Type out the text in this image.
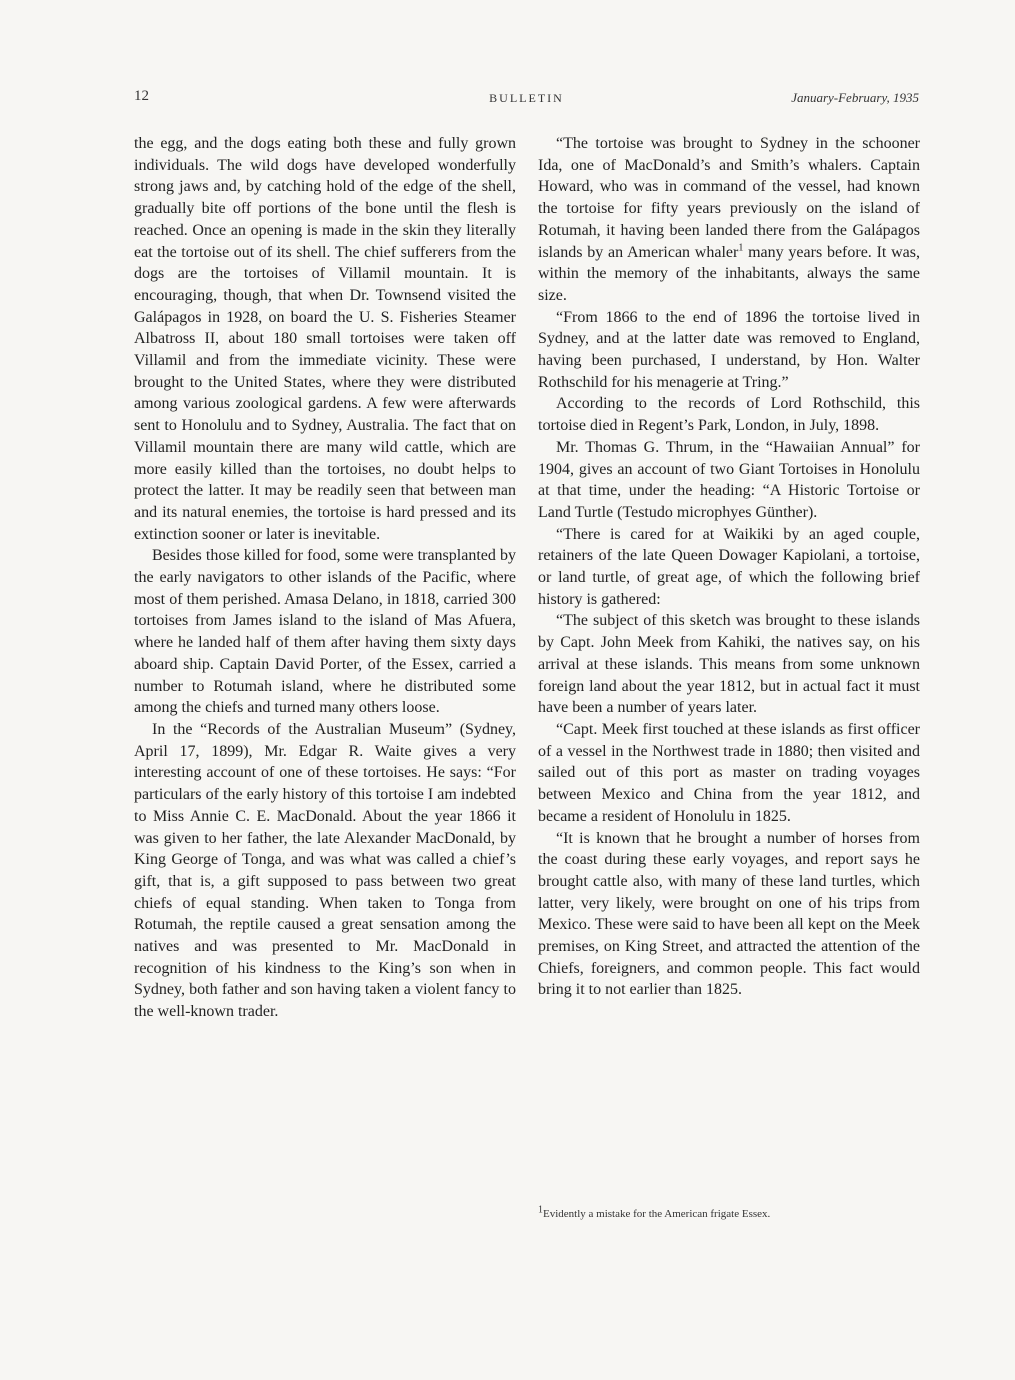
12	BULLETIN	January-February, 1935

the egg, and the dogs eating both these and fully grown individuals. The wild dogs have developed wonderfully strong jaws and, by catching hold of the edge of the shell, gradually bite off portions of the bone until the flesh is reached. Once an opening is made in the skin they literally eat the tortoise out of its shell. The chief sufferers from the dogs are the tortoises of Villamil mountain. It is encouraging, though, that when Dr. Townsend visited the Galápagos in 1928, on board the U. S. Fisheries Steamer Albatross II, about 180 small tortoises were taken off Villamil and from the immediate vicinity. These were brought to the United States, where they were distributed among various zoological gardens. A few were afterwards sent to Honolulu and to Sydney, Australia. The fact that on Villamil mountain there are many wild cattle, which are more easily killed than the tortoises, no doubt helps to protect the latter. It may be readily seen that between man and its natural enemies, the tortoise is hard pressed and its extinction sooner or later is inevitable.

Besides those killed for food, some were transplanted by the early navigators to other islands of the Pacific, where most of them perished. Amasa Delano, in 1818, carried 300 tortoises from James island to the island of Mas Afuera, where he landed half of them after having them sixty days aboard ship. Captain David Porter, of the Essex, carried a number to Rotumah island, where he distributed some among the chiefs and turned many others loose.

In the “Records of the Australian Museum” (Sydney, April 17, 1899), Mr. Edgar R. Waite gives a very interesting account of one of these tortoises. He says: “For particulars of the early history of this tortoise I am indebted to Miss Annie C. E. MacDonald. About the year 1866 it was given to her father, the late Alexander MacDonald, by King George of Tonga, and was what was called a chief’s gift, that is, a gift supposed to pass between two great chiefs of equal standing. When taken to Tonga from Rotumah, the reptile caused a great sensation among the natives and was presented to Mr. MacDonald in recognition of his kindness to the King’s son when in Sydney, both father and son having taken a violent fancy to the well-known trader.

“The tortoise was brought to Sydney in the schooner Ida, one of MacDonald’s and Smith’s whalers. Captain Howard, who was in command of the vessel, had known the tortoise for fifty years previously on the island of Rotumah, it having been landed there from the Galápagos islands by an American whaler$^1$ many years before. It was, within the memory of the inhabitants, always the same size.

“From 1866 to the end of 1896 the tortoise lived in Sydney, and at the latter date was removed to England, having been purchased, I understand, by Hon. Walter Rothschild for his menagerie at Tring.”

According to the records of Lord Rothschild, this tortoise died in Regent’s Park, London, in July, 1898.

Mr. Thomas G. Thrum, in the “Hawaiian Annual” for 1904, gives an account of two Giant Tortoises in Honolulu at that time, under the heading: “A Historic Tortoise or Land Turtle (Testudo microphyes Günther).

“There is cared for at Waikiki by an aged couple, retainers of the late Queen Dowager Kapiolani, a tortoise, or land turtle, of great age, of which the following brief history is gathered:

“The subject of this sketch was brought to these islands by Capt. John Meek from Kahiki, the natives say, on his arrival at these islands. This means from some unknown foreign land about the year 1812, but in actual fact it must have been a number of years later.

“Capt. Meek first touched at these islands as first officer of a vessel in the Northwest trade in 1880; then visited and sailed out of this port as master on trading voyages between Mexico and China from the year 1812, and became a resident of Honolulu in 1825.

“It is known that he brought a number of horses from the coast during these early voyages, and report says he brought cattle also, with many of these land turtles, which latter, very likely, were brought on one of his trips from Mexico. These were said to have been all kept on the Meek premises, on King Street, and attracted the attention of the Chiefs, foreigners, and common people. This fact would bring it to not earlier than 1825.

$^1$Evidently a mistake for the American frigate Essex.
